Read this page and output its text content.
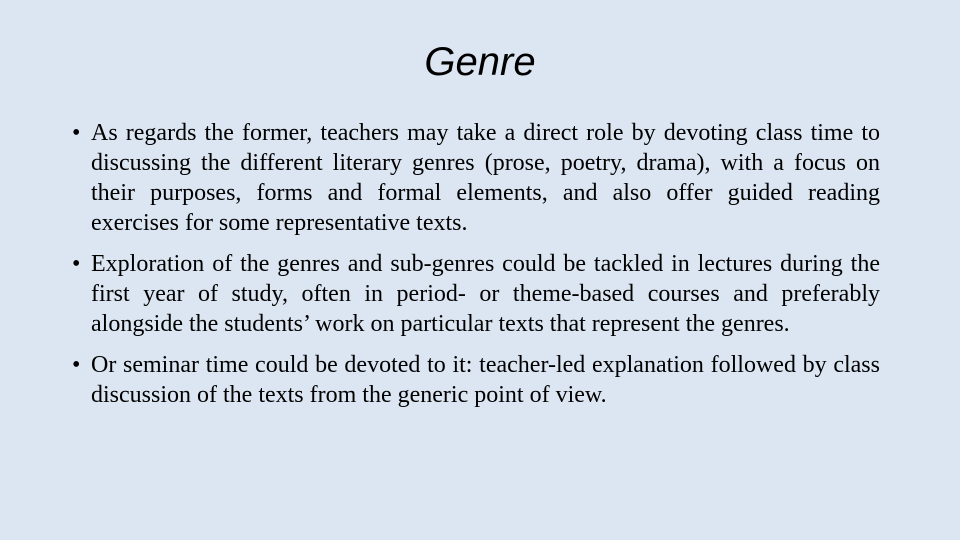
Genre
• As regards the former, teachers may take a direct role by devoting class time to discussing the different literary genres (prose, poetry, drama), with a focus on their purposes, forms and formal elements, and also offer guided reading exercises for some representative texts.
• Exploration of the genres and sub-genres could be tackled in lectures during the first year of study, often in period- or theme-based courses and preferably alongside the students’ work on particular texts that represent the genres.
• Or seminar time could be devoted to it: teacher-led explanation followed by class discussion of the texts from the generic point of view.
